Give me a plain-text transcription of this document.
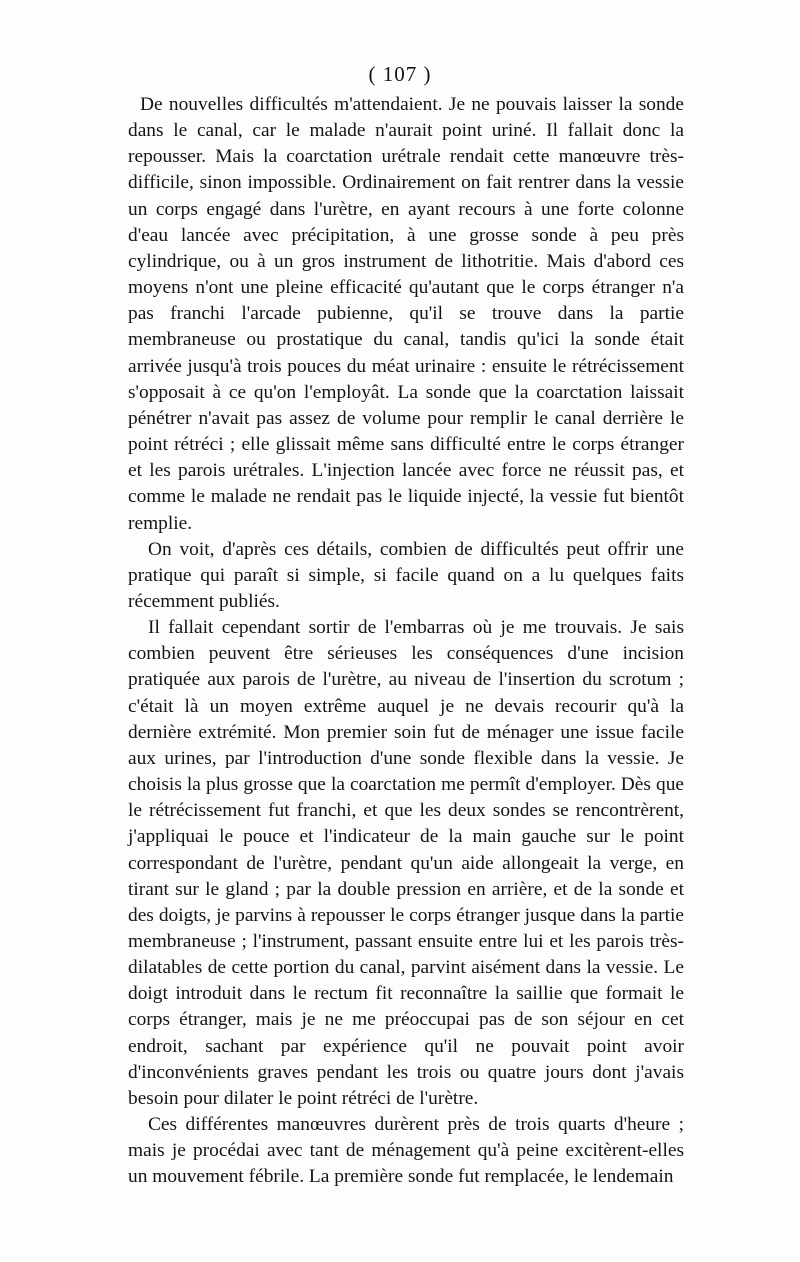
( 107 )

De nouvelles difficultés m'attendaient. Je ne pouvais laisser la sonde dans le canal, car le malade n'aurait point uriné. Il fallait donc la repousser. Mais la coarctation urétrale rendait cette manœuvre très-difficile, sinon impossible. Ordinairement on fait rentrer dans la vessie un corps engagé dans l'urètre, en ayant recours à une forte colonne d'eau lancée avec précipitation, à une grosse sonde à peu près cylindrique, ou à un gros instrument de lithotritie. Mais d'abord ces moyens n'ont une pleine efficacité qu'autant que le corps étranger n'a pas franchi l'arcade pubienne, qu'il se trouve dans la partie membraneuse ou prostatique du canal, tandis qu'ici la sonde était arrivée jusqu'à trois pouces du méat urinaire : ensuite le rétrécissement s'opposait à ce qu'on l'employât. La sonde que la coarctation laissait pénétrer n'avait pas assez de volume pour remplir le canal derrière le point rétréci ; elle glissait même sans difficulté entre le corps étranger et les parois urétrales. L'injection lancée avec force ne réussit pas, et comme le malade ne rendait pas le liquide injecté, la vessie fut bientôt remplie.

On voit, d'après ces détails, combien de difficultés peut offrir une pratique qui paraît si simple, si facile quand on a lu quelques faits récemment publiés.

Il fallait cependant sortir de l'embarras où je me trouvais. Je sais combien peuvent être sérieuses les conséquences d'une incision pratiquée aux parois de l'urètre, au niveau de l'insertion du scrotum ; c'était là un moyen extrême auquel je ne devais recourir qu'à la dernière extrémité. Mon premier soin fut de ménager une issue facile aux urines, par l'introduction d'une sonde flexible dans la vessie. Je choisis la plus grosse que la coarctation me permît d'employer. Dès que le rétrécissement fut franchi, et que les deux sondes se rencontrèrent, j'appliquai le pouce et l'indicateur de la main gauche sur le point correspondant de l'urètre, pendant qu'un aide allongeait la verge, en tirant sur le gland ; par la double pression en arrière, et de la sonde et des doigts, je parvins à repousser le corps étranger jusque dans la partie membraneuse ; l'instrument, passant ensuite entre lui et les parois très-dilatables de cette portion du canal, parvint aisément dans la vessie. Le doigt introduit dans le rectum fit reconnaître la saillie que formait le corps étranger, mais je ne me préoccupai pas de son séjour en cet endroit, sachant par expérience qu'il ne pouvait point avoir d'inconvénients graves pendant les trois ou quatre jours dont j'avais besoin pour dilater le point rétréci de l'urètre.

Ces différentes manœuvres durèrent près de trois quarts d'heure ; mais je procédai avec tant de ménagement qu'à peine excitèrent-elles un mouvement fébrile. La première sonde fut remplacée, le lendemain
